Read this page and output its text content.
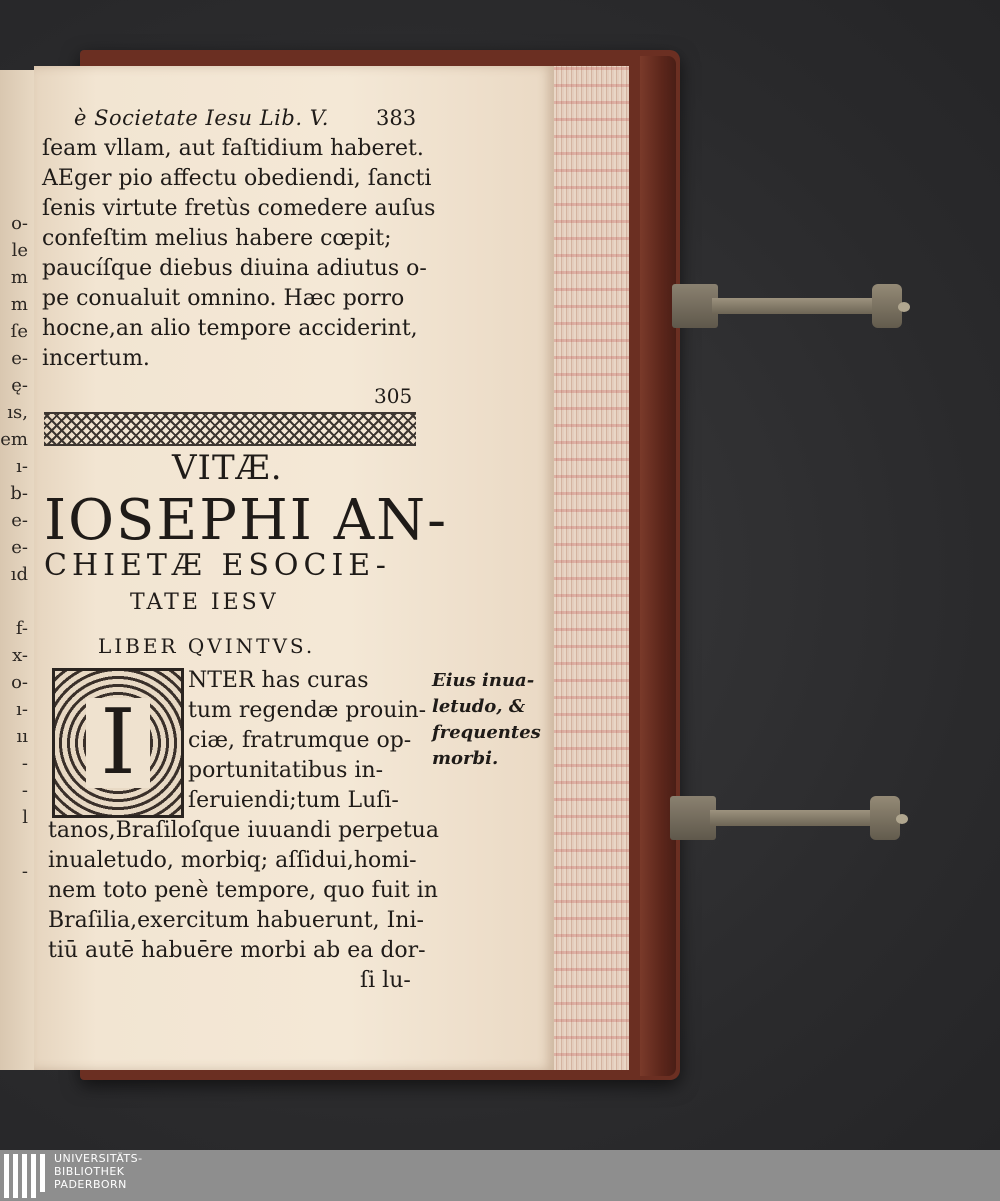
o-
le
m
m
ſe
e-
ę-
ıs,
em
ı-
b-
e-
e-
ıd
f-
x-
o-
ı-
ıı
-
-
l
-
è Societate Iesu Lib. V. 383
ſeam vllam, aut faſtidium haberet.
AEger pio affectu obediendi, ſancti
ſenis virtute fretùs comedere auſus
confeſtim melius habere cœpit;
paucíſque diebus diuina adiutus o-
pe conualuit omnino. Hæc porro
hocne,an alio tempore acciderint,
incertum.
305
VITÆ.
IOSEPHI AN-
CHIETÆ ESOCIE-
TATE IESV
LIBER QVINTVS.
I
NTER has curas
tum regendæ prouin-
ciæ, fratrumque op-
portunitatibus in-
ſeruiendi;tum Luſi-
tanos,Braſiloſque iuuandi perpetua
inualetudo, morbiq; aſſidui,homi-
nem toto penè tempore, quo fuit in
Braſilia,exercitum habuerunt, Ini-
tiū autē habuēre morbi ab ea dor-
ſi lu-
Eius inua-
letudo, &
frequentes
morbi.
UNIVERSITÄTS-
BIBLIOTHEK
PADERBORN
